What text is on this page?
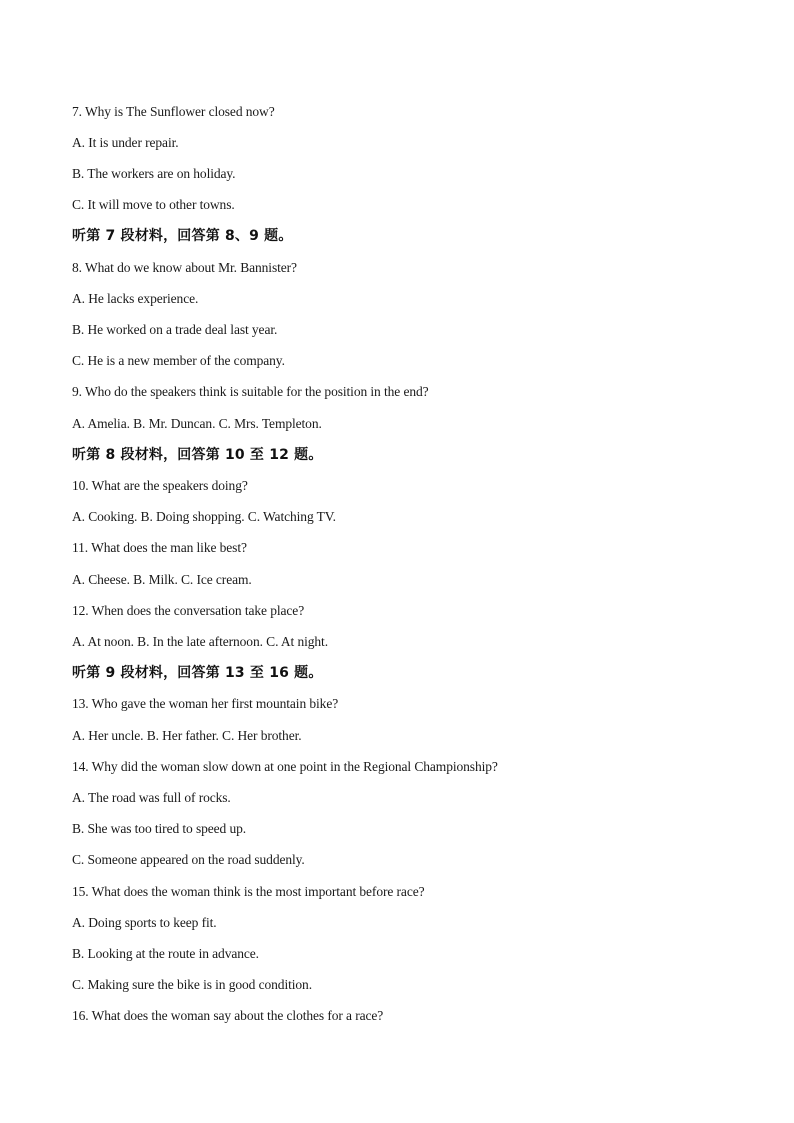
7. Why is The Sunflower closed now?
A. It is under repair.
B. The workers are on holiday.
C. It will move to other towns.
听第 7 段材料，回答第 8、9 题。
8. What do we know about Mr. Bannister?
A. He lacks experience.
B. He worked on a trade deal last year.
C. He is a new member of the company.
9. Who do the speakers think is suitable for the position in the end?
A. Amelia. B. Mr. Duncan. C. Mrs. Templeton.
听第 8 段材料，回答第 10 至 12 题。
10. What are the speakers doing?
A. Cooking. B. Doing shopping. C. Watching TV.
11. What does the man like best?
A. Cheese. B. Milk. C. Ice cream.
12. When does the conversation take place?
A. At noon. B. In the late afternoon. C. At night.
听第 9 段材料，回答第 13 至 16 题。
13. Who gave the woman her first mountain bike?
A. Her uncle. B. Her father. C. Her brother.
14. Why did the woman slow down at one point in the Regional Championship?
A. The road was full of rocks.
B. She was too tired to speed up.
C. Someone appeared on the road suddenly.
15. What does the woman think is the most important before race?
A. Doing sports to keep fit.
B. Looking at the route in advance.
C. Making sure the bike is in good condition.
16. What does the woman say about the clothes for a race?
